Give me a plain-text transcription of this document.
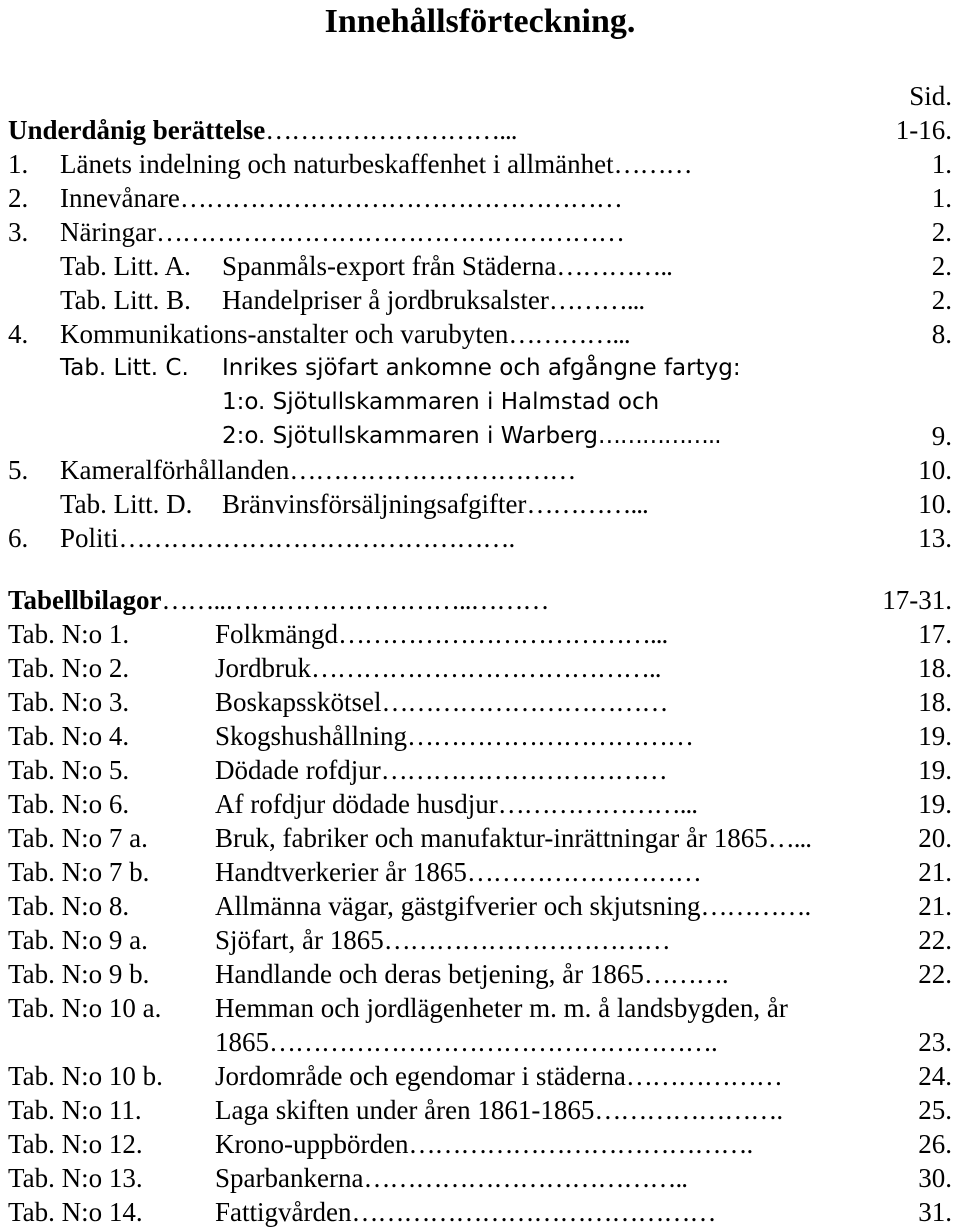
Innehållsförteckning.
Sid.
Underdånig berättelse………………………...	1-16.
1. Länets indelning och naturbeskaffenhet i allmänhet………	1.
2. Innevånare……………………………………………	1.
3. Näringar………………………………………………	2.
Tab. Litt. A. Spanmåls-export från Städerna…………..	2.
Tab. Litt. B. Handelpriser å jordbruksalster………...	2.
4. Kommunikations-anstalter och varubyten…………...	8.
Tab. Litt. C. Inrikes sjöfart ankomne och afgångne fartyg:
1:o. Sjötullskammaren i Halmstad och
2:o. Sjötullskammaren i Warberg……………..	9.
5. Kameralförhållanden……………………………	10.
Tab. Litt. D. Bränvinsförsäljningsafgifter…………...	10.
6. Politi……………………………………….	13.
Tabellbilagor……..………………………..………	17-31.
Tab. N:o 1.	Folkmängd………………………………...	17.
Tab. N:o 2.	Jordbruk…………………………………..	18.
Tab. N:o 3.	Boskapsskötsel……………………………	18.
Tab. N:o 4.	Skogshushållning……………………………	19.
Tab. N:o 5.	Dödade rofdjur……………………………	19.
Tab. N:o 6.	Af rofdjur dödade husdjur…………………...	19.
Tab. N:o 7 a. Bruk, fabriker och manufaktur-inrättningar år 1865…...	20.
Tab. N:o 7 b. Handtverkerier år 1865………………………	21.
Tab. N:o 8.	Allmänna vägar, gästgifverier och skjutsning………….	21.
Tab. N:o 9 a. Sjöfart, år 1865……………………………	22.
Tab. N:o 9 b. Handlande och deras betjening, år 1865……….	22.
Tab. N:o 10 a. Hemman och jordlägenheter m. m. å landsbygden, år
1865…………………………………………….	23.
Tab. N:o 10 b. Jordområde och egendomar i städerna………………	24.
Tab. N:o 11.	Laga skiften under åren 1861-1865………………….	25.
Tab. N:o 12.	Krono-uppbörden………………………………….	26.
Tab. N:o 13.	Sparbankerna………………………………..	30.
Tab. N:o 14.	Fattigvården……………………………………	31.
